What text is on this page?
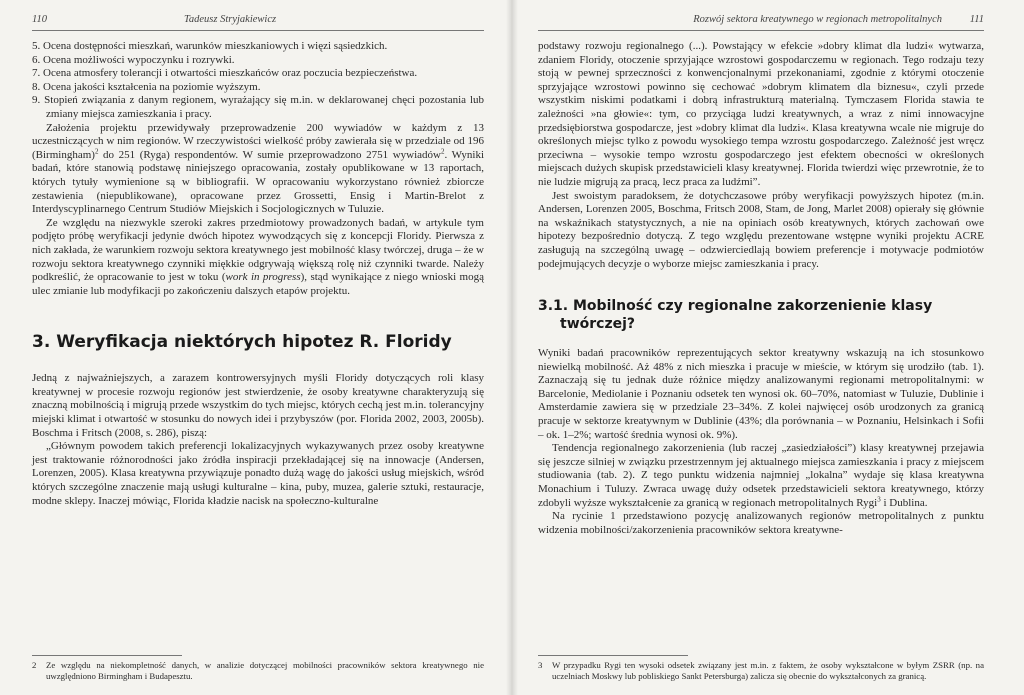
110	Tadeusz Stryjakiewicz
5. Ocena dostępności mieszkań, warunków mieszkaniowych i więzi sąsiedzkich.
6. Ocena możliwości wypoczynku i rozrywki.
7. Ocena atmosfery tolerancji i otwartości mieszkańców oraz poczucia bezpieczeństwa.
8. Ocena jakości kształcenia na poziomie wyższym.
9. Stopień związania z danym regionem, wyrażający się m.in. w deklarowanej chęci pozostania lub zmiany miejsca zamieszkania i pracy.

Założenia projektu przewidywały przeprowadzenie 200 wywiadów w każdym z 13 uczestniczących w nim regionów. W rzeczywistości wielkość próby zawierała się w przedziale od 196 (Birmingham)$^2$ do 251 (Ryga) respondentów. W sumie przeprowadzono 2751 wywiadów$^2$. Wyniki badań, które stanowią podstawę niniejszego opracowania, zostały opublikowane w 13 raportach, których tytuły wymienione są w bibliografii. W opracowaniu wykorzystano również zbiorcze zestawienia (niepublikowane), opracowane przez Grossetti, Ensig i Martin-Brelot z Interdyscyplinarnego Centrum Studiów Miejskich i Socjologicznych w Tuluzie.

Ze względu na niezwykle szeroki zakres przedmiotowy prowadzonych badań, w artykule tym podjęto próbę weryfikacji jedynie dwóch hipotez wywodzących się z koncepcji Floridy. Pierwsza z nich zakłada, że warunkiem rozwoju sektora kreatywnego jest mobilność klasy twórczej, druga – że w rozwoju sektora kreatywnego czynniki miękkie odgrywają większą rolę niż czynniki twarde. Należy podkreślić, że opracowanie to jest w toku (work in progress), stąd wynikające z niego wnioski mogą ulec zmianie lub modyfikacji po zakończeniu dalszych etapów projektu.

3. Weryfikacja niektórych hipotez R. Floridy

Jedną z najważniejszych, a zarazem kontrowersyjnych myśli Floridy dotyczących roli klasy kreatywnej w procesie rozwoju regionów jest stwierdzenie, że osoby kreatywne charakteryzują się znaczną mobilnością i migrują przede wszystkim do tych miejsc, których cechą jest m.in. tolerancyjny miejski klimat i otwartość w stosunku do nowych idei i przybyszów (por. Florida 2002, 2003, 2005b). Boschma i Fritsch (2008, s. 286), piszą:

„Głównym powodem takich preferencji lokalizacyjnych wykazywanych przez osoby kreatywne jest traktowanie różnorodności jako źródła inspiracji przekładającej się na innowacje (Andersen, Lorenzen, 2005). Klasa kreatywna przywiązuje ponadto dużą wagę do jakości usług miejskich, wśród których szczególne znaczenie mają usługi kulturalne – kina, puby, muzea, galerie sztuki, restauracje, modne sklepy. Inaczej mówiąc, Florida kładzie nacisk na społeczno-kulturalne

2 Ze względu na niekompletność danych, w analizie dotyczącej mobilności pracowników sektora kreatywnego nie uwzględniono Birmingham i Budapesztu.
Rozwój sektora kreatywnego w regionach metropolitalnych	111

podstawy rozwoju regionalnego (...). Powstający w efekcie »dobry klimat dla ludzi« wytwarza, zdaniem Floridy, otoczenie sprzyjające wzrostowi gospodarczemu w regionach. Tego rodzaju tezy stoją w pewnej sprzeczności z konwencjonalnymi przekonaniami, zgodnie z którymi otoczenie sprzyjające wzrostowi powinno się cechować »dobrym klimatem dla biznesu«, czyli przede wszystkim niskimi podatkami i dobrą infrastrukturą materialną. Tymczasem Florida stawia te zależności »na głowie«: tym, co przyciąga ludzi kreatywnych, a wraz z nimi innowacyjne przedsiębiorstwa gospodarcze, jest »dobry klimat dla ludzi«. Klasa kreatywna wcale nie migruje do określonych miejsc tylko z powodu wysokiego tempa wzrostu gospodarczego. Zależność jest wręcz przeciwna – wysokie tempo wzrostu gospodarczego jest efektem obecności w określonych miejscach dużych skupisk przedstawicieli klasy kreatywnej. Florida twierdzi więc przewrotnie, że to nie ludzie migrują za pracą, lecz praca za ludźmi”.

Jest swoistym paradoksem, że dotychczasowe próby weryfikacji powyższych hipotez (m.in. Andersen, Lorenzen 2005, Boschma, Fritsch 2008, Stam, de Jong, Marlet 2008) opierały się głównie na wskaźnikach statystycznych, a nie na opiniach osób kreatywnych, których zachowań owe hipotezy bezpośrednio dotyczą. Z tego względu prezentowane wstępne wyniki projektu ACRE zasługują na szczególną uwagę – odzwierciedlają bowiem preferencje i motywacje podmiotów podejmujących decyzje o wyborze miejsc zamieszkania i pracy.

3.1. Mobilność czy regionalne zakorzenienie klasy twórczej?

Wyniki badań pracowników reprezentujących sektor kreatywny wskazują na ich stosunkowo niewielką mobilność. Aż 48% z nich mieszka i pracuje w mieście, w którym się urodziło (tab. 1). Zaznaczają się tu jednak duże różnice między analizowanymi regionami metropolitalnymi: w Barcelonie, Mediolanie i Poznaniu odsetek ten wynosi ok. 60–70%, natomiast w Tuluzie, Dublinie i Amsterdamie zawiera się w przedziale 23–34%. Z kolei najwięcej osób urodzonych za granicą pracuje w sektorze kreatywnym w Dublinie (43%; dla porównania – w Poznaniu, Helsinkach i Sofii – ok. 1–2%; wartość średnia wynosi ok. 9%).

Tendencja regionalnego zakorzenienia (lub raczej „zasiedziałości”) klasy kreatywnej przejawia się jeszcze silniej w związku przestrzennym jej aktualnego miejsca zamieszkania i pracy z miejscem studiowania (tab. 2). Z tego punktu widzenia najmniej „lokalna” wydaje się klasa kreatywna Monachium i Tuluzy. Zwraca uwagę duży odsetek przedstawicieli sektora kreatywnego, którzy zdobyli wyższe wykształcenie za granicą w regionach metropolitalnych Rygi$^3$ i Dublina.

Na rycinie 1 przedstawiono pozycję analizowanych regionów metropolitalnych z punktu widzenia mobilności/zakorzenienia pracowników sektora kreatywne-

3 W przypadku Rygi ten wysoki odsetek związany jest m.in. z faktem, że osoby wykształcone w byłym ZSRR (np. na uczelniach Moskwy lub pobliskiego Sankt Petersburga) zalicza się obecnie do wykształconych za granicą.
